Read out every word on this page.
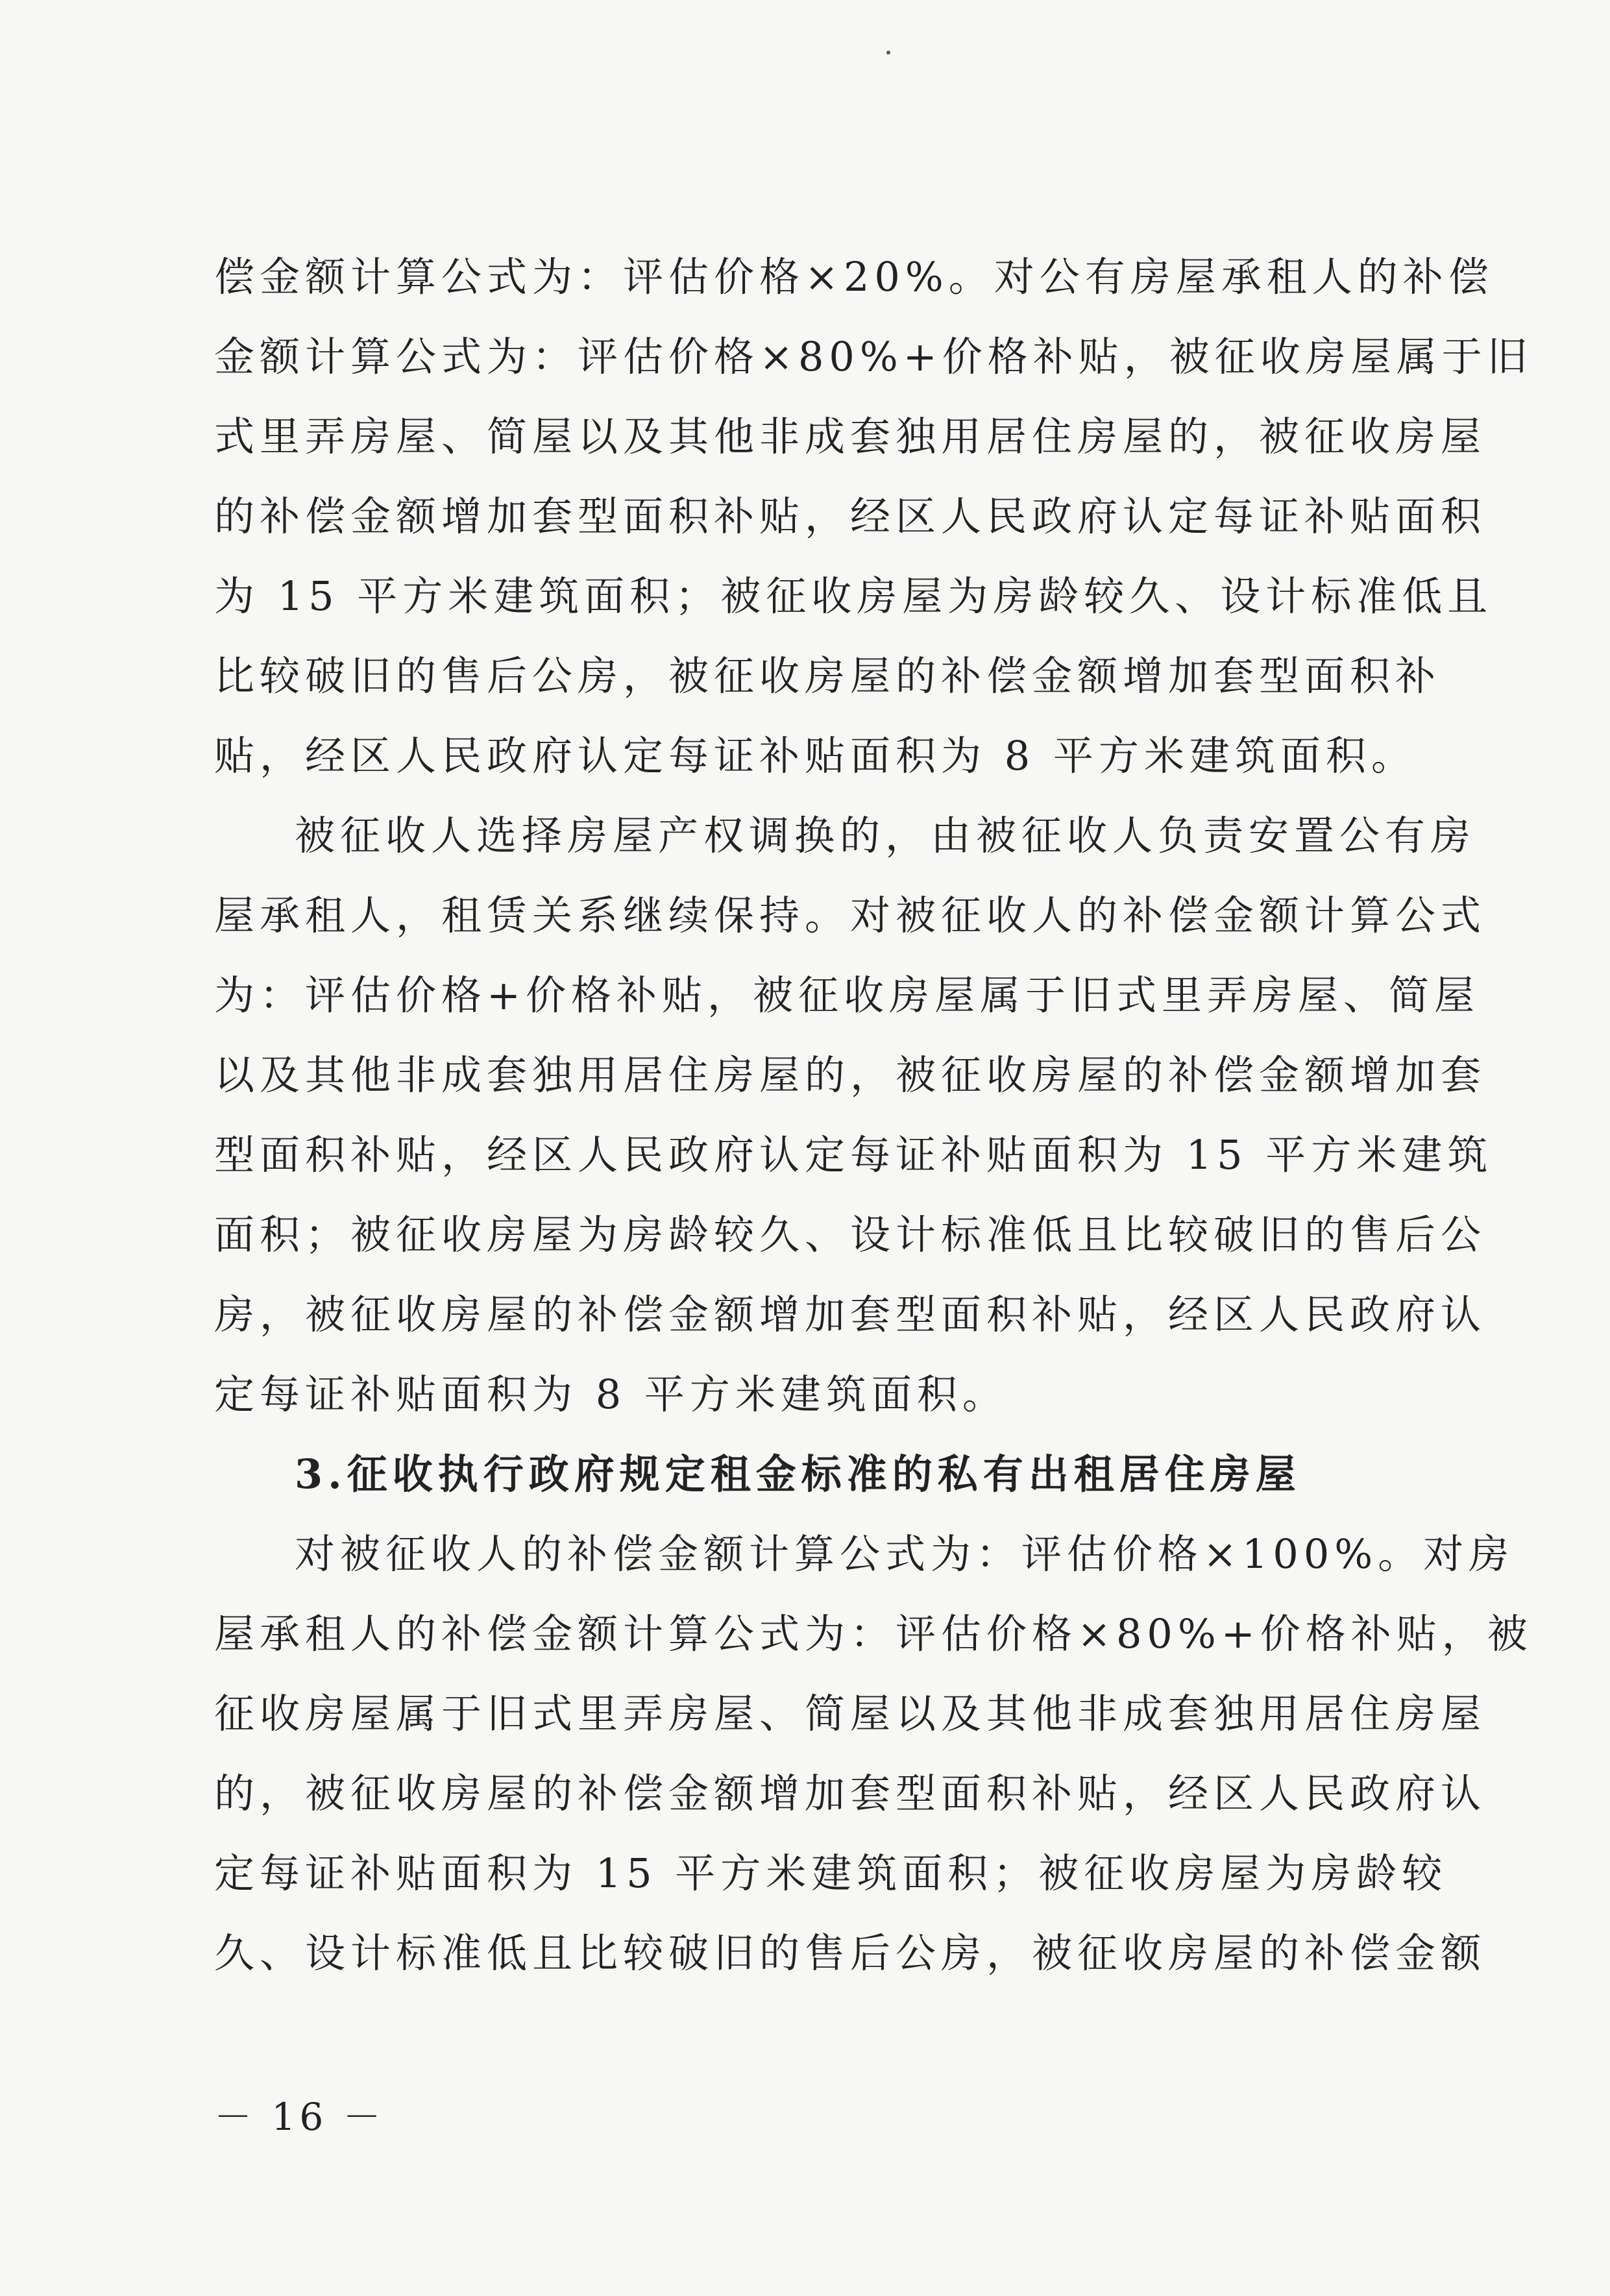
偿金额计算公式为：评估价格×20%。对公有房屋承租人的补偿
金额计算公式为：评估价格×80%+价格补贴，被征收房屋属于旧
式里弄房屋、简屋以及其他非成套独用居住房屋的，被征收房屋
的补偿金额增加套型面积补贴，经区人民政府认定每证补贴面积
为 15 平方米建筑面积；被征收房屋为房龄较久、设计标准低且
比较破旧的售后公房，被征收房屋的补偿金额增加套型面积补
贴，经区人民政府认定每证补贴面积为 8 平方米建筑面积。
被征收人选择房屋产权调换的，由被征收人负责安置公有房
屋承租人，租赁关系继续保持。对被征收人的补偿金额计算公式
为：评估价格+价格补贴，被征收房屋属于旧式里弄房屋、简屋
以及其他非成套独用居住房屋的，被征收房屋的补偿金额增加套
型面积补贴，经区人民政府认定每证补贴面积为 15 平方米建筑
面积；被征收房屋为房龄较久、设计标准低且比较破旧的售后公
房，被征收房屋的补偿金额增加套型面积补贴，经区人民政府认
定每证补贴面积为 8 平方米建筑面积。
3.征收执行政府规定租金标准的私有出租居住房屋
对被征收人的补偿金额计算公式为：评估价格×100%。对房
屋承租人的补偿金额计算公式为：评估价格×80%+价格补贴，被
征收房屋属于旧式里弄房屋、简屋以及其他非成套独用居住房屋
的，被征收房屋的补偿金额增加套型面积补贴，经区人民政府认
定每证补贴面积为 15 平方米建筑面积；被征收房屋为房龄较
久、设计标准低且比较破旧的售后公房，被征收房屋的补偿金额
－ 16 －
